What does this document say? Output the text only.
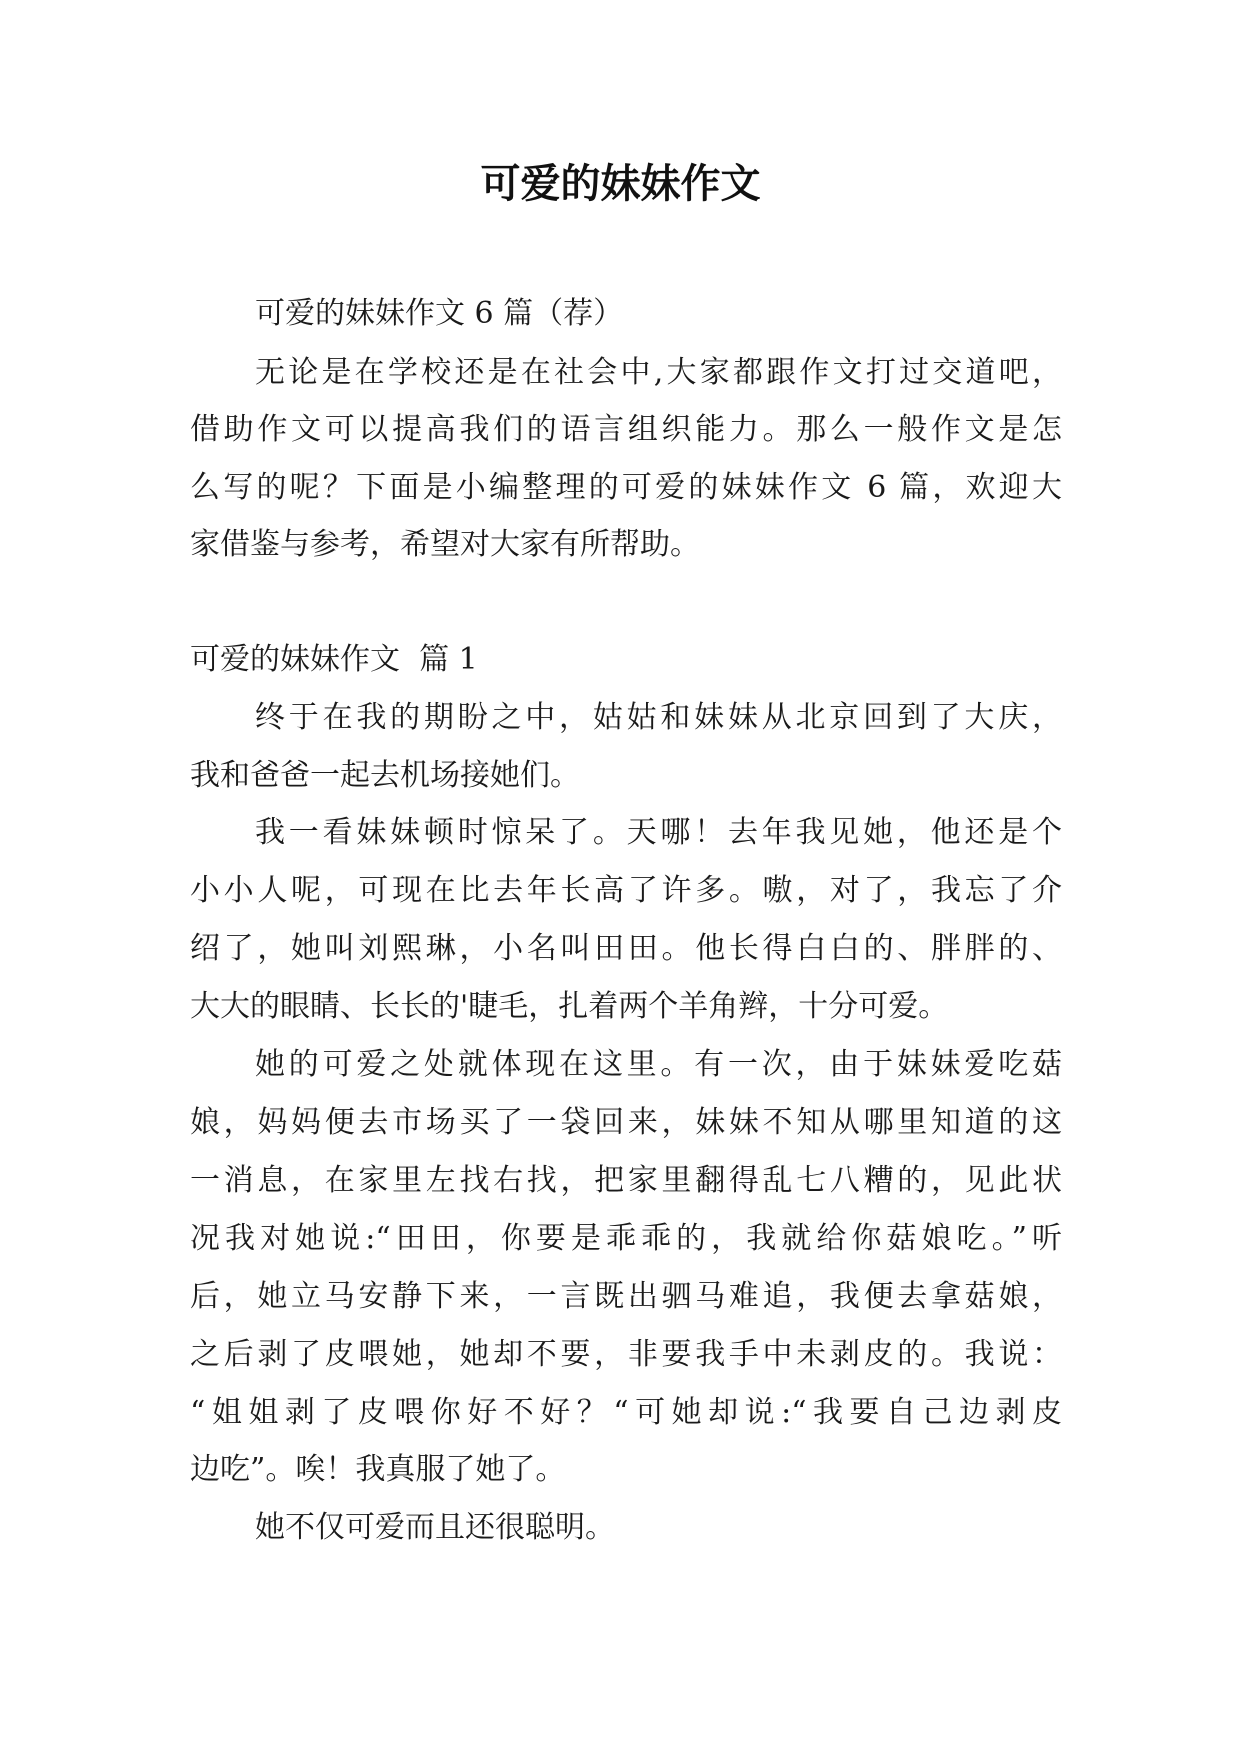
可爱的妹妹作文
可爱的妹妹作文 6 篇（荐）
无论是在学校还是在社会中,大家都跟作文打过交道吧，
借助作文可以提高我们的语言组织能力。那么一般作文是怎
么写的呢？下面是小编整理的可爱的妹妹作文 6 篇，欢迎大
家借鉴与参考，希望对大家有所帮助。
可爱的妹妹作文  篇 1
终于在我的期盼之中，姑姑和妹妹从北京回到了大庆，
我和爸爸一起去机场接她们。
我一看妹妹顿时惊呆了。天哪！去年我见她，他还是个
小小人呢，可现在比去年长高了许多。嗷，对了，我忘了介
绍了，她叫刘熙琳，小名叫田田。他长得白白的、胖胖的、
大大的眼睛、长长的'睫毛，扎着两个羊角辫，十分可爱。
她的可爱之处就体现在这里。有一次，由于妹妹爱吃菇
娘，妈妈便去市场买了一袋回来，妹妹不知从哪里知道的这
一消息，在家里左找右找，把家里翻得乱七八糟的，见此状
况我对她说:“田田，你要是乖乖的，我就给你菇娘吃。”听
后，她立马安静下来，一言既出驷马难追，我便去拿菇娘，
之后剥了皮喂她，她却不要，非要我手中未剥皮的。我说：
“姐姐剥了皮喂你好不好？“可她却说:“我要自己边剥皮
边吃”。唉！我真服了她了。
她不仅可爱而且还很聪明。
